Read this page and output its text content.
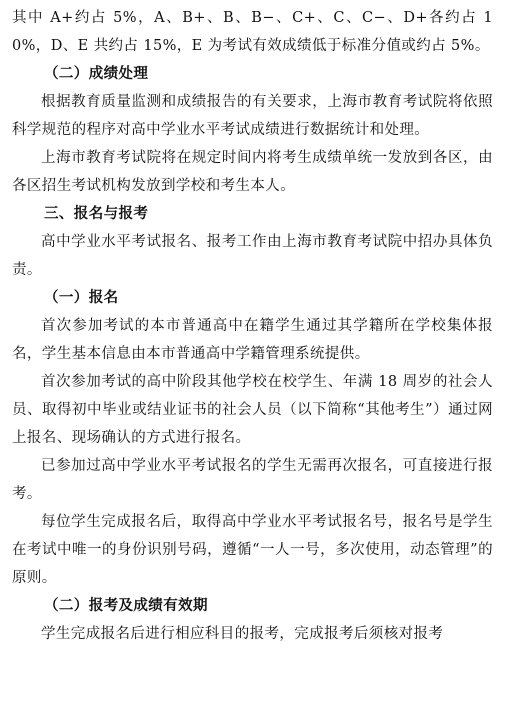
其中 A+约占 5%，A、B+、B、B−、C+、C、C−、D+各约占 10%，D、E 共约占 15%，E 为考试有效成绩低于标准分值或约占 5%。

（二）成绩处理

根据教育质量监测和成绩报告的有关要求，上海市教育考试院将依照科学规范的程序对高中学业水平考试成绩进行数据统计和处理。

上海市教育考试院将在规定时间内将考生成绩单统一发放到各区，由各区招生考试机构发放到学校和考生本人。

三、报名与报考

高中学业水平考试报名、报考工作由上海市教育考试院中招办具体负责。

（一）报名

首次参加考试的本市普通高中在籍学生通过其学籍所在学校集体报名，学生基本信息由本市普通高中学籍管理系统提供。

首次参加考试的高中阶段其他学校在校学生、年满 18 周岁的社会人员、取得初中毕业或结业证书的社会人员（以下简称“其他考生”）通过网上报名、现场确认的方式进行报名。

已参加过高中学业水平考试报名的学生无需再次报名，可直接进行报考。

每位学生完成报名后，取得高中学业水平考试报名号，报名号是学生在考试中唯一的身份识别号码，遵循“一人一号，多次使用，动态管理”的原则。

（二）报考及成绩有效期

学生完成报名后进行相应科目的报考，完成报考后须核对报考
